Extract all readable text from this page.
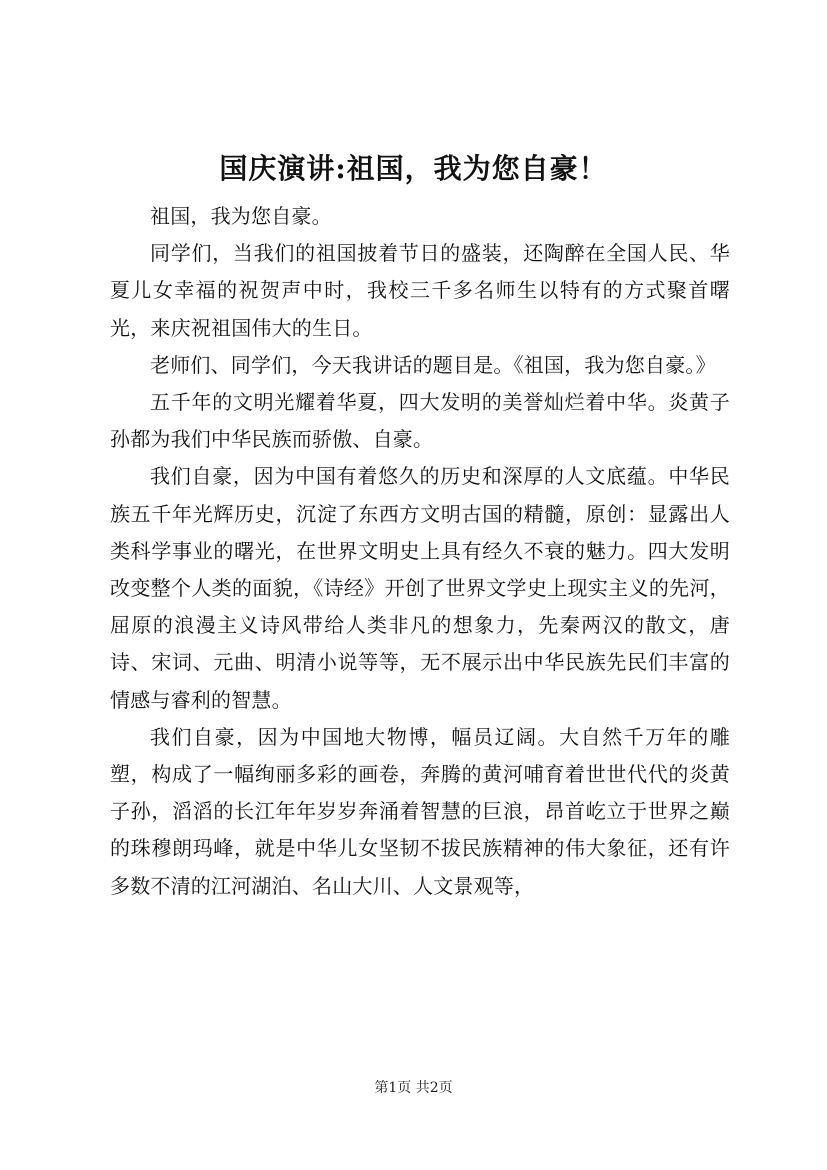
国庆演讲:祖国，我为您自豪！

祖国，我为您自豪。

同学们，当我们的祖国披着节日的盛装，还陶醉在全国人民、华夏儿女幸福的祝贺声中时，我校三千多名师生以特有的方式聚首曙光，来庆祝祖国伟大的生日。

老师们、同学们，今天我讲话的题目是。《祖国，我为您自豪。》

五千年的文明光耀着华夏，四大发明的美誉灿烂着中华。炎黄子孙都为我们中华民族而骄傲、自豪。

我们自豪，因为中国有着悠久的历史和深厚的人文底蕴。中华民族五千年光辉历史，沉淀了东西方文明古国的精髓，原创：显露出人类科学事业的曙光，在世界文明史上具有经久不衰的魅力。四大发明改变整个人类的面貌，《诗经》开创了世界文学史上现实主义的先河，屈原的浪漫主义诗风带给人类非凡的想象力，先秦两汉的散文，唐诗、宋词、元曲、明清小说等等，无不展示出中华民族先民们丰富的情感与睿利的智慧。

我们自豪，因为中国地大物博，幅员辽阔。大自然千万年的雕塑，构成了一幅绚丽多彩的画卷，奔腾的黄河哺育着世世代代的炎黄子孙，滔滔的长江年年岁岁奔涌着智慧的巨浪，昂首屹立于世界之巅的珠穆朗玛峰，就是中华儿女坚韧不拔民族精神的伟大象征，还有许多数不清的江河湖泊、名山大川、人文景观等，

第1页 共2页
